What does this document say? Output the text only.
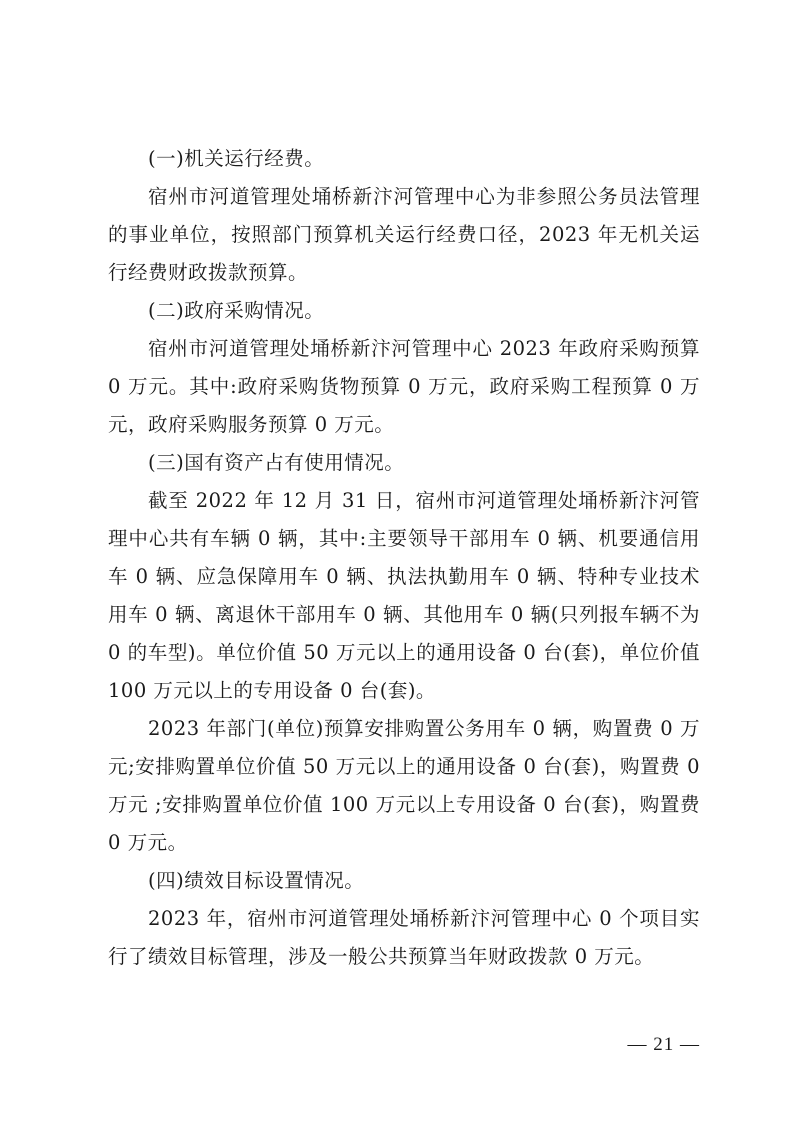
(一)机关运行经费。

宿州市河道管理处埇桥新汴河管理中心为非参照公务员法管理的事业单位，按照部门预算机关运行经费口径，2023 年无机关运行经费财政拨款预算。

(二)政府采购情况。

宿州市河道管理处埇桥新汴河管理中心 2023 年政府采购预算 0 万元。其中:政府采购货物预算 0 万元，政府采购工程预算 0 万元，政府采购服务预算 0 万元。

(三)国有资产占有使用情况。

截至 2022 年 12 月 31 日，宿州市河道管理处埇桥新汴河管理中心共有车辆 0 辆，其中:主要领导干部用车 0 辆、机要通信用车 0 辆、应急保障用车 0 辆、执法执勤用车 0 辆、特种专业技术用车 0 辆、离退休干部用车 0 辆、其他用车 0 辆(只列报车辆不为 0 的车型)。单位价值 50 万元以上的通用设备 0 台(套)，单位价值 100 万元以上的专用设备 0 台(套)。

2023 年部门(单位)预算安排购置公务用车 0 辆，购置费 0 万元;安排购置单位价值 50 万元以上的通用设备 0 台(套)，购置费 0 万元 ;安排购置单位价值 100 万元以上专用设备 0 台(套)，购置费 0 万元。

(四)绩效目标设置情况。

2023 年，宿州市河道管理处埇桥新汴河管理中心 0 个项目实行了绩效目标管理，涉及一般公共预算当年财政拨款 0 万元。

— 21 —
